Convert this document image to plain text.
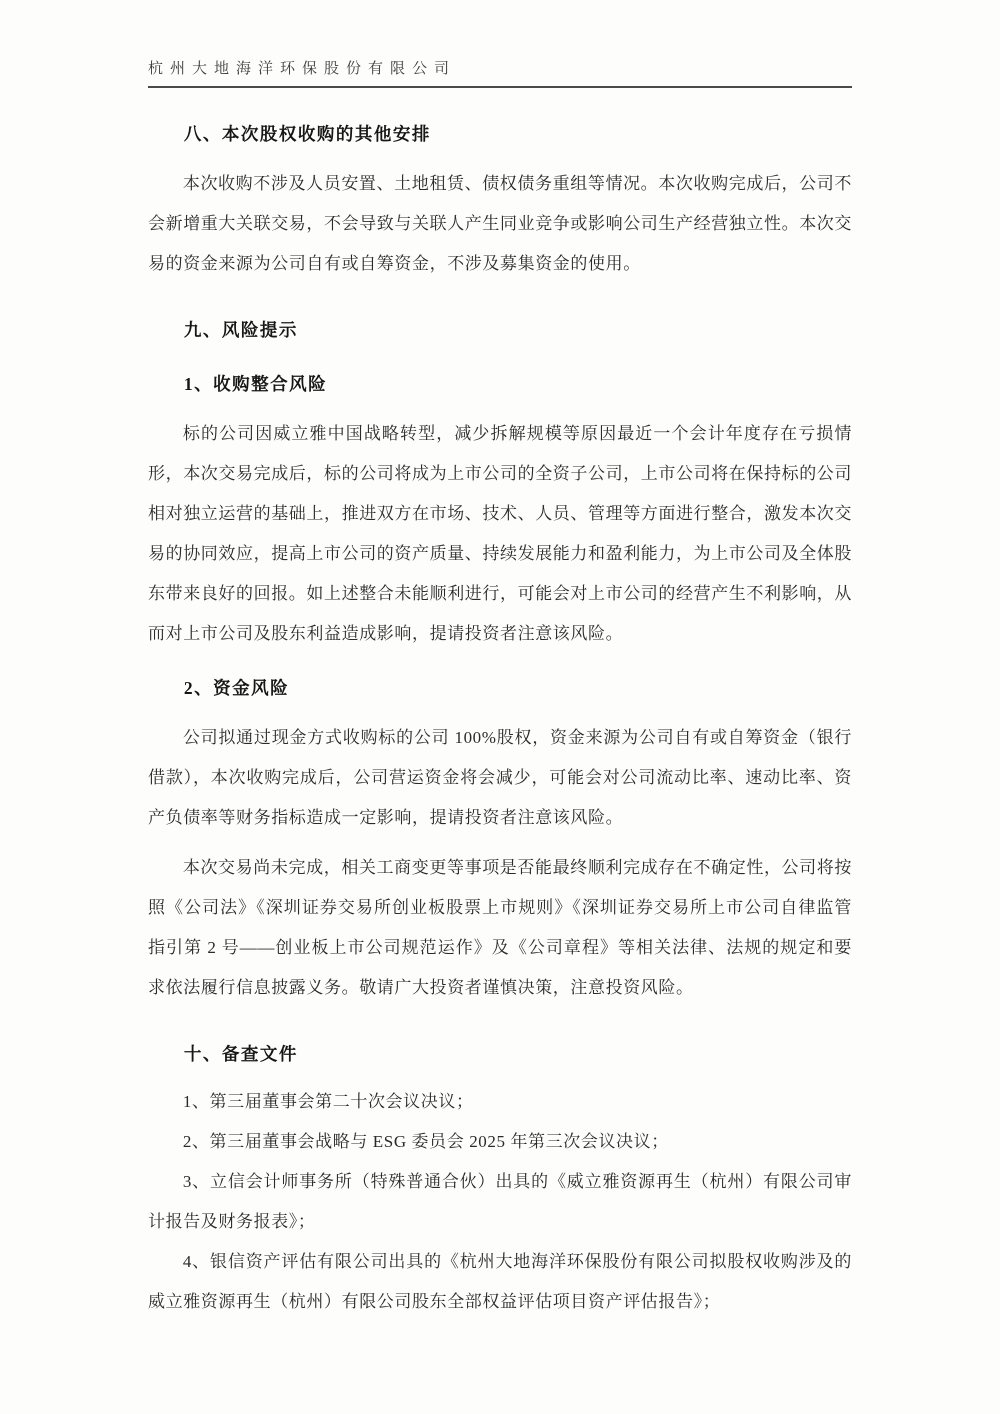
杭州大地海洋环保股份有限公司
八、本次股权收购的其他安排
本次收购不涉及人员安置、土地租赁、债权债务重组等情况。本次收购完成后，公司不会新增重大关联交易，不会导致与关联人产生同业竞争或影响公司生产经营独立性。本次交易的资金来源为公司自有或自筹资金，不涉及募集资金的使用。
九、风险提示
1、收购整合风险
标的公司因威立雅中国战略转型，减少拆解规模等原因最近一个会计年度存在亏损情形，本次交易完成后，标的公司将成为上市公司的全资子公司，上市公司将在保持标的公司相对独立运营的基础上，推进双方在市场、技术、人员、管理等方面进行整合，激发本次交易的协同效应，提高上市公司的资产质量、持续发展能力和盈利能力，为上市公司及全体股东带来良好的回报。如上述整合未能顺利进行，可能会对上市公司的经营产生不利影响，从而对上市公司及股东利益造成影响，提请投资者注意该风险。
2、资金风险
公司拟通过现金方式收购标的公司 100%股权，资金来源为公司自有或自筹资金（银行借款），本次收购完成后，公司营运资金将会减少，可能会对公司流动比率、速动比率、资产负债率等财务指标造成一定影响，提请投资者注意该风险。
本次交易尚未完成，相关工商变更等事项是否能最终顺利完成存在不确定性，公司将按照《公司法》《深圳证券交易所创业板股票上市规则》《深圳证券交易所上市公司自律监管指引第 2 号——创业板上市公司规范运作》及《公司章程》等相关法律、法规的规定和要求依法履行信息披露义务。敬请广大投资者谨慎决策，注意投资风险。
十、备查文件
1、第三届董事会第二十次会议决议；
2、第三届董事会战略与 ESG 委员会 2025 年第三次会议决议；
3、立信会计师事务所（特殊普通合伙）出具的《威立雅资源再生（杭州）有限公司审计报告及财务报表》；
4、银信资产评估有限公司出具的《杭州大地海洋环保股份有限公司拟股权收购涉及的威立雅资源再生（杭州）有限公司股东全部权益评估项目资产评估报告》；
